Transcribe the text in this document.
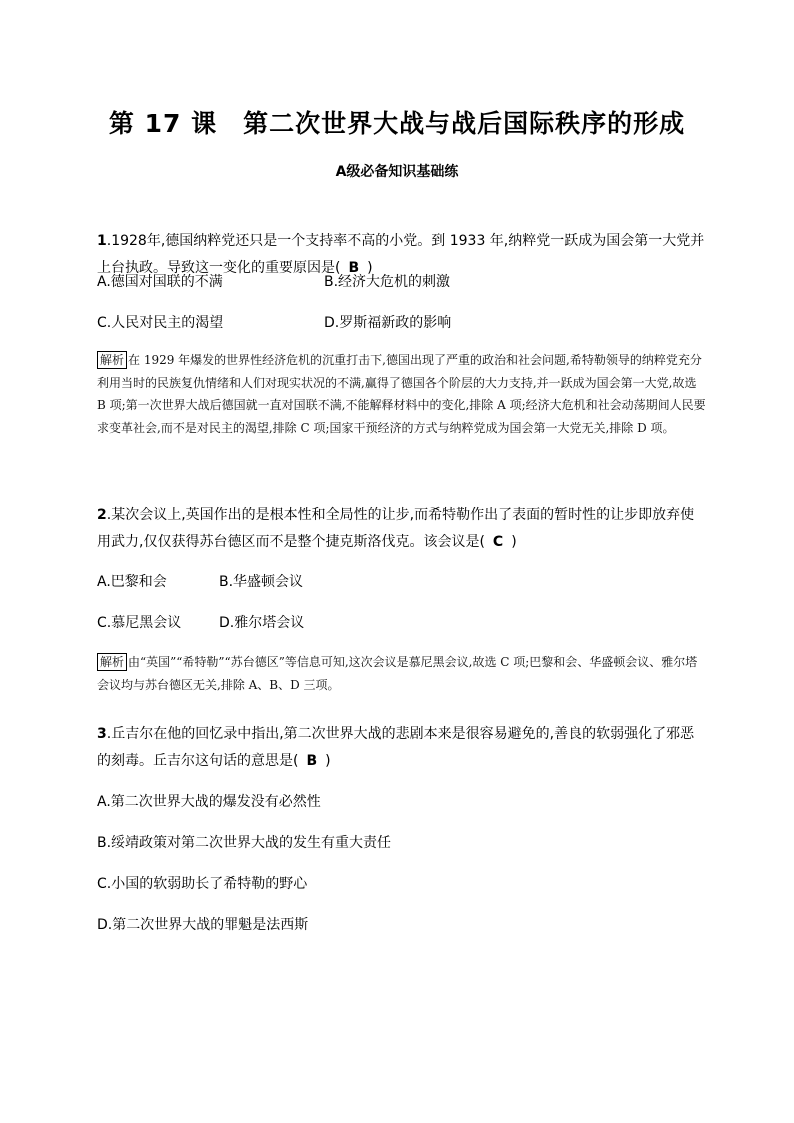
第 17 课　第二次世界大战与战后国际秩序的形成
A级必备知识基础练
1.1928年,德国纳粹党还只是一个支持率不高的小党。到 1933 年,纳粹党一跃成为国会第一大党并上台执政。导致这一变化的重要原因是( B )
A.德国对国联的不满	B.经济大危机的刺激
C.人民对民主的渴望	D.罗斯福新政的影响
解析 在 1929 年爆发的世界性经济危机的沉重打击下,德国出现了严重的政治和社会问题,希特勒领导的纳粹党充分利用当时的民族复仇情绪和人们对现实状况的不满,赢得了德国各个阶层的大力支持,并一跃成为国会第一大党,故选 B 项;第一次世界大战后德国就一直对国联不满,不能解释材料中的变化,排除 A 项;经济大危机和社会动荡期间人民要求变革社会,而不是对民主的渴望,排除 C 项;国家干预经济的方式与纳粹党成为国会第一大党无关,排除 D 项。
2.某次会议上,英国作出的是根本性和全局性的让步,而希特勒作出了表面的暂时性的让步即放弃使用武力,仅仅获得苏台德区而不是整个捷克斯洛伐克。该会议是( C )
A.巴黎和会	B.华盛顿会议
C.慕尼黑会议	D.雅尔塔会议
解析 由“英国”“希特勒”“苏台德区”等信息可知,这次会议是慕尼黑会议,故选 C 项;巴黎和会、华盛顿会议、雅尔塔会议均与苏台德区无关,排除 A、B、D 三项。
3.丘吉尔在他的回忆录中指出,第二次世界大战的悲剧本来是很容易避免的,善良的软弱强化了邪恶的刻毒。丘吉尔这句话的意思是( B )
A.第二次世界大战的爆发没有必然性
B.绥靖政策对第二次世界大战的发生有重大责任
C.小国的软弱助长了希特勒的野心
D.第二次世界大战的罪魁是法西斯
